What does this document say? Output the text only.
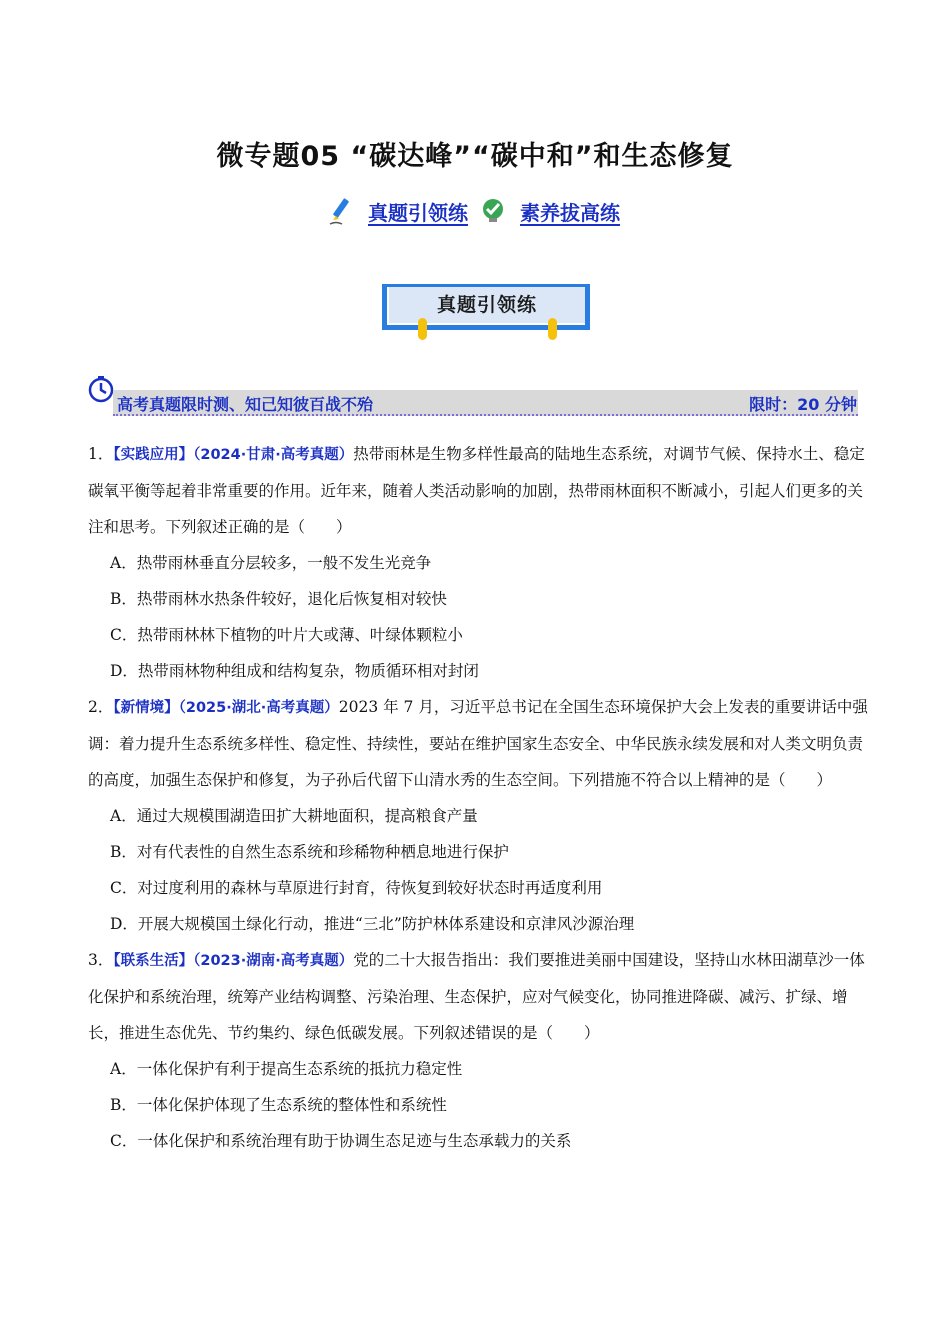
微专题05 “碳达峰”“碳中和”和生态修复
真题引领练	素养拔高练
真题引领练
高考真题限时测、知己知彼百战不殆	限时：20 分钟

1．【实践应用】（2024·甘肃·高考真题）热带雨林是生物多样性最高的陆地生态系统，对调节气候、保持水土、稳定碳氧平衡等起着非常重要的作用。近年来，随着人类活动影响的加剧，热带雨林面积不断减小，引起人们更多的关注和思考。下列叙述正确的是（　　）

A．热带雨林垂直分层较多，一般不发生光竞争

B．热带雨林水热条件较好，退化后恢复相对较快

C．热带雨林林下植物的叶片大或薄、叶绿体颗粒小

D．热带雨林物种组成和结构复杂，物质循环相对封闭

2．【新情境】（2025·湖北·高考真题）2023 年 7 月，习近平总书记在全国生态环境保护大会上发表的重要讲话中强调：着力提升生态系统多样性、稳定性、持续性，要站在维护国家生态安全、中华民族永续发展和对人类文明负责的高度，加强生态保护和修复，为子孙后代留下山清水秀的生态空间。下列措施不符合以上精神的是（　　）

A．通过大规模围湖造田扩大耕地面积，提高粮食产量

B．对有代表性的自然生态系统和珍稀物种栖息地进行保护

C．对过度利用的森林与草原进行封育，待恢复到较好状态时再适度利用

D．开展大规模国土绿化行动，推进“三北”防护林体系建设和京津风沙源治理

3．【联系生活】（2023·湖南·高考真题）党的二十大报告指出：我们要推进美丽中国建设，坚持山水林田湖草沙一体化保护和系统治理，统筹产业结构调整、污染治理、生态保护，应对气候变化，协同推进降碳、减污、扩绿、增长，推进生态优先、节约集约、绿色低碳发展。下列叙述错误的是（　　）

A．一体化保护有利于提高生态系统的抵抗力稳定性

B．一体化保护体现了生态系统的整体性和系统性

C．一体化保护和系统治理有助于协调生态足迹与生态承载力的关系
